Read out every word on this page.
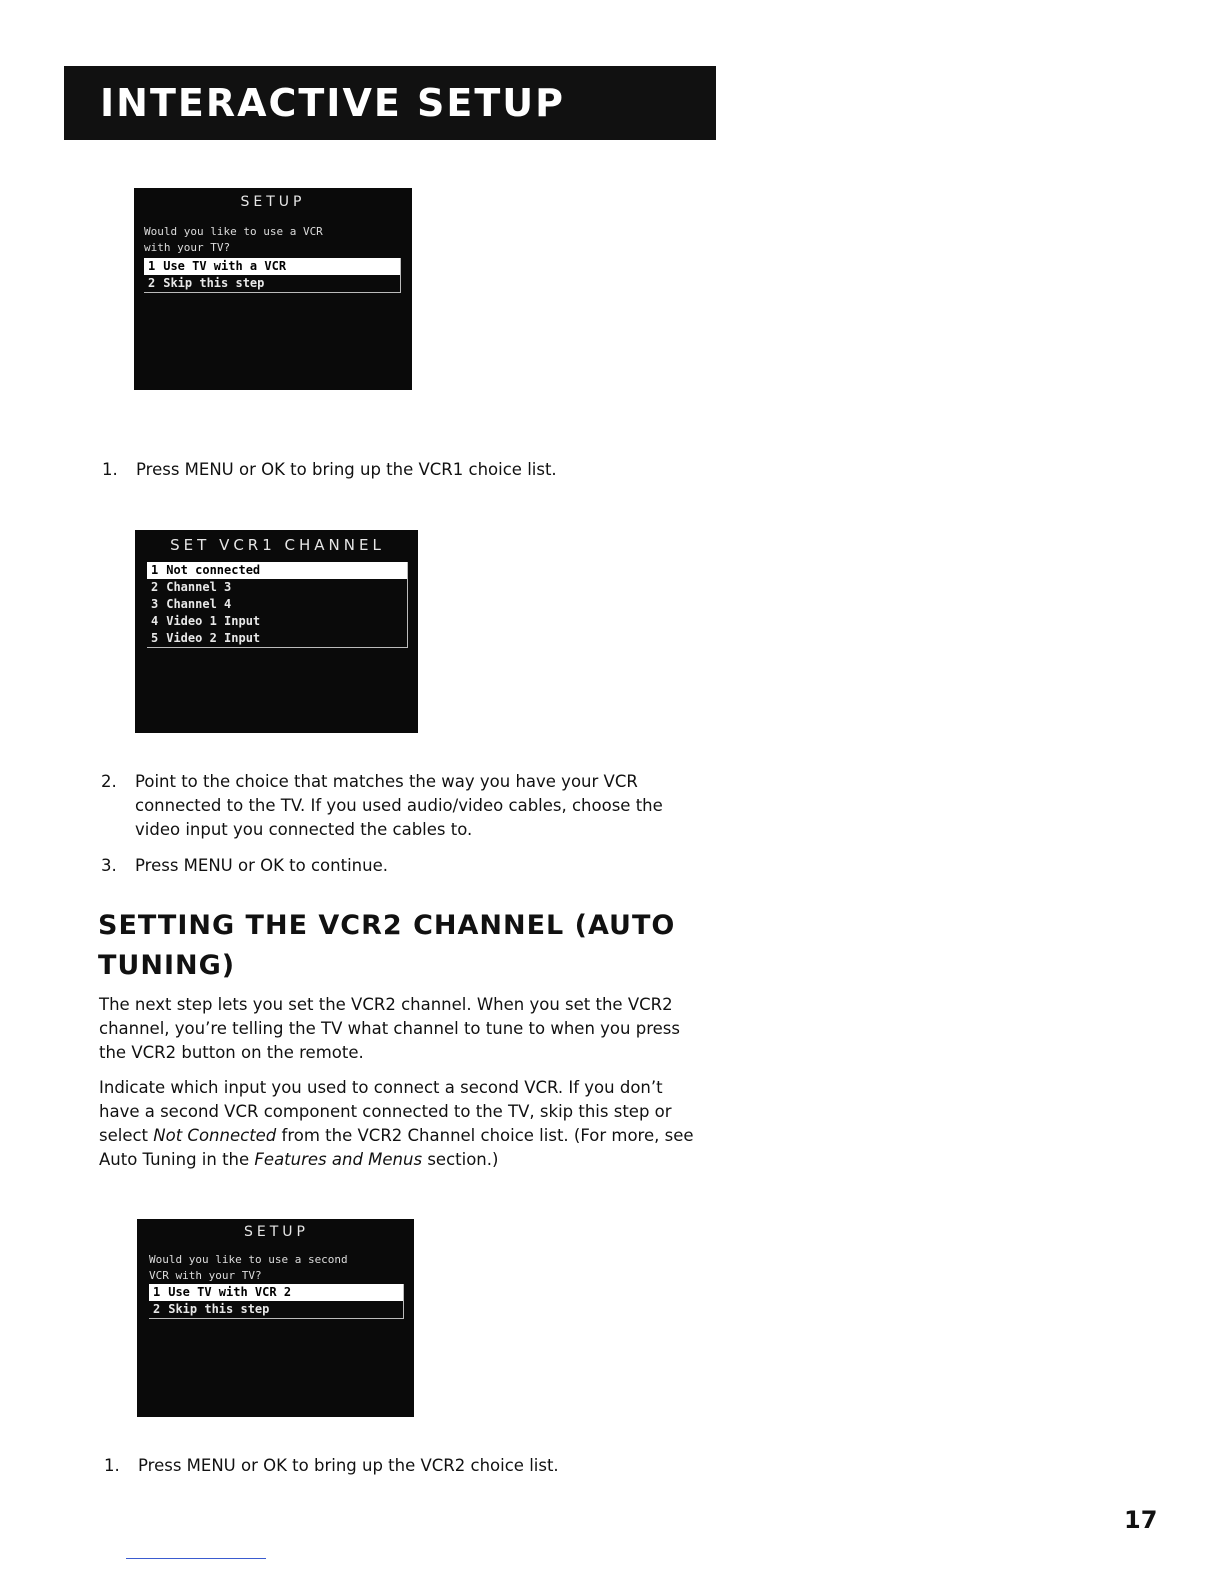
INTERACTIVE SETUP
SETUP
Would you like to use a VCR
with your TV?
1 Use TV with a VCR
2 Skip this step
1. Press MENU or OK to bring up the VCR1 choice list.
SET VCR1 CHANNEL
1 Not connected
2 Channel 3
3 Channel 4
4 Video 1 Input
5 Video 2 Input
2. Point to the choice that matches the way you have your VCR
connected to the TV. If you used audio/video cables, choose the
video input you connected the cables to.
3. Press MENU or OK to continue.
SETTING THE VCR2 CHANNEL (AUTO
TUNING)
The next step lets you set the VCR2 channel. When you set the VCR2
channel, you’re telling the TV what channel to tune to when you press
the VCR2 button on the remote.
Indicate which input you used to connect a second VCR. If you don’t
have a second VCR component connected to the TV, skip this step or
select Not Connected from the VCR2 Channel choice list. (For more, see
Auto Tuning in the Features and Menus section.)
SETUP
Would you like to use a second
VCR with your TV?
1 Use TV with VCR 2
2 Skip this step
1. Press MENU or OK to bring up the VCR2 choice list.
17
